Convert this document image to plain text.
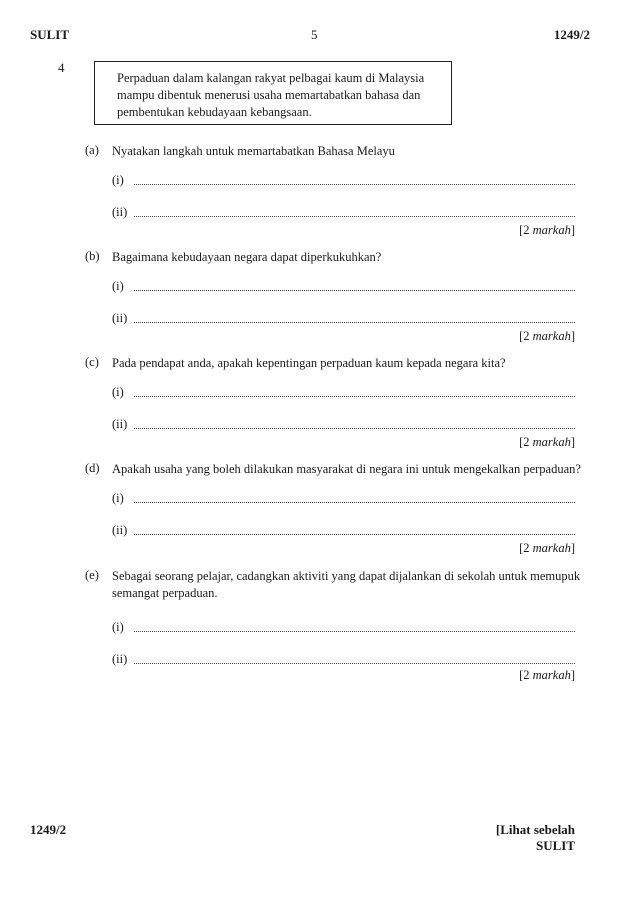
SULIT	5	1249/2
4
Perpaduan dalam kalangan rakyat pelbagai kaum di Malaysia mampu dibentuk menerusi usaha memartabatkan bahasa dan pembentukan kebudayaan kebangsaan.
(a) Nyatakan langkah untuk memartabatkan Bahasa Melayu
(i)
(ii)
[2 markah]
(b) Bagaimana kebudayaan negara dapat diperkukuhkan?
(i)
(ii)
[2 markah]
(c) Pada pendapat anda, apakah kepentingan perpaduan kaum kepada negara kita?
(i)
(ii)
[2 markah]
(d) Apakah usaha yang boleh dilakukan masyarakat di negara ini untuk mengekalkan perpaduan?
(i)
(ii)
[2 markah]
(e) Sebagai seorang pelajar, cadangkan aktiviti yang dapat dijalankan di sekolah untuk memupuk semangat perpaduan.
(i)
(ii)
[2 markah]
1249/2	[Lihat sebelah
SULIT
